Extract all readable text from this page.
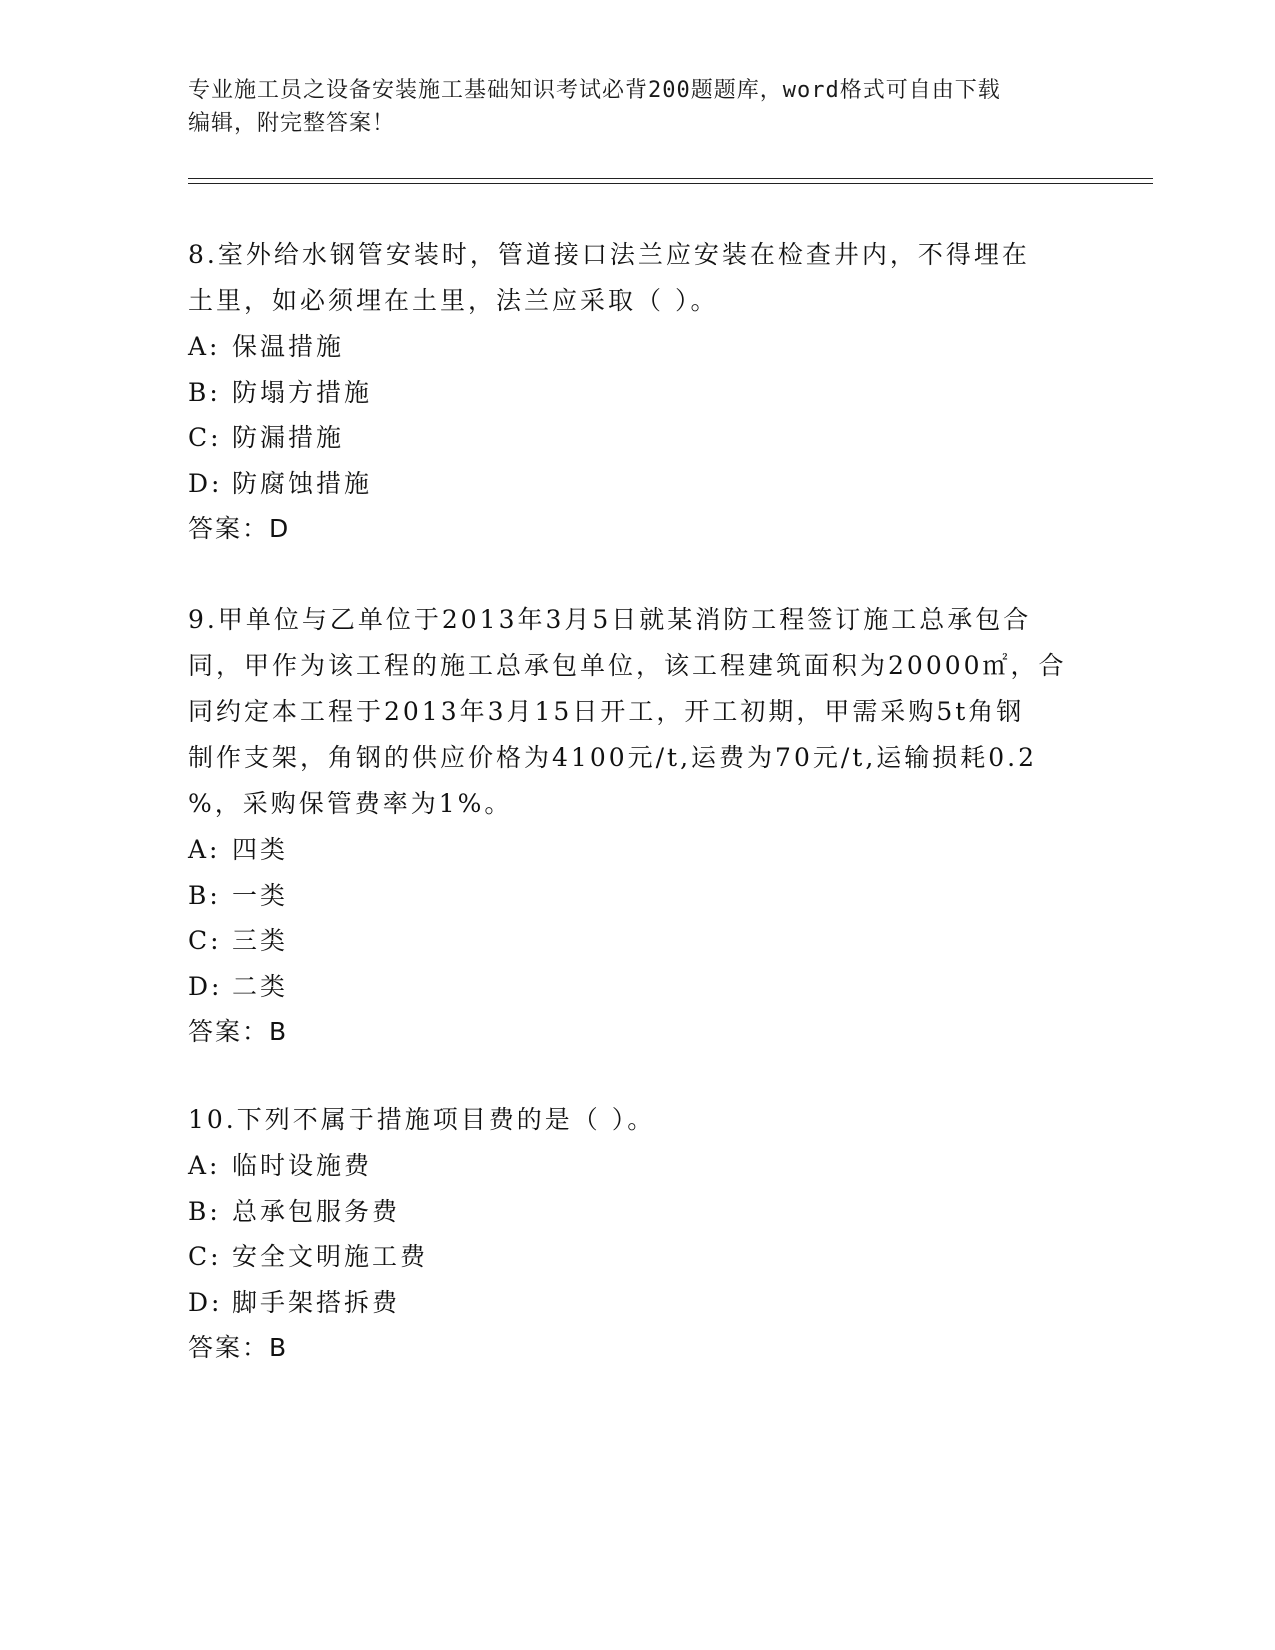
专业施工员之设备安装施工基础知识考试必背200题题库，word格式可自由下载
编辑，附完整答案！

8.室外给水钢管安装时，管道接口法兰应安装在检查井内，不得埋在

土里，如必须埋在土里，法兰应采取（ ）。

A: 保温措施

B: 防塌方措施

C: 防漏措施

D: 防腐蚀措施

答案：D

9.甲单位与乙单位于2013年3月5日就某消防工程签订施工总承包合

同，甲作为该工程的施工总承包单位，该工程建筑面积为20000㎡，合

同约定本工程于2013年3月15日开工，开工初期，甲需采购5t角钢

制作支架，角钢的供应价格为4100元/t,运费为70元/t,运输损耗0.2

%，采购保管费率为1%。

A: 四类

B: 一类

C: 三类

D: 二类

答案：B

10.下列不属于措施项目费的是（ ）。

A: 临时设施费

B: 总承包服务费

C: 安全文明施工费

D: 脚手架搭拆费

答案：B
